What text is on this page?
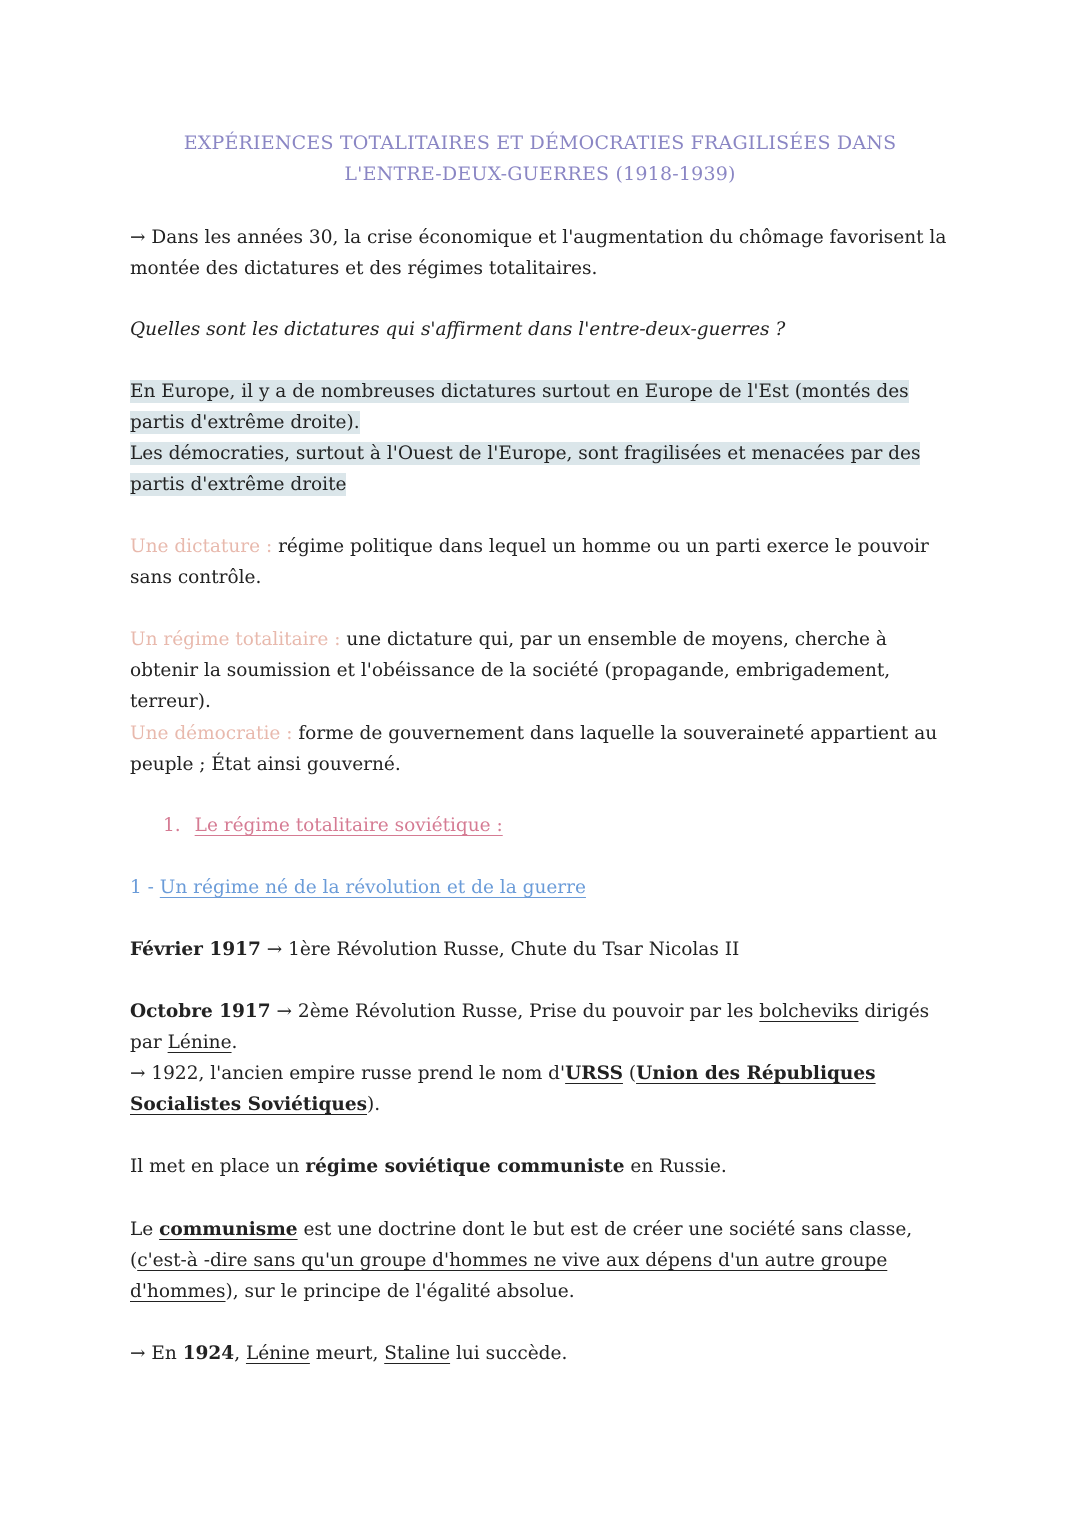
EXPÉRIENCES TOTALITAIRES ET DÉMOCRATIES FRAGILISÉES DANS
L'ENTRE-DEUX-GUERRES (1918-1939)
→ Dans les années 30, la crise économique et l'augmentation du chômage favorisent la montée des dictatures et des régimes totalitaires.
Quelles sont les dictatures qui s'affirment dans l'entre-deux-guerres ?
En Europe, il y a de nombreuses dictatures surtout en Europe de l'Est (montés des partis d'extrême droite).
Les démocraties, surtout à l'Ouest de l'Europe, sont fragilisées et menacées par des partis d'extrême droite
Une dictature : régime politique dans lequel un homme ou un parti exerce le pouvoir sans contrôle.
Un régime totalitaire : une dictature qui, par un ensemble de moyens, cherche à obtenir la soumission et l'obéissance de la société (propagande, embrigadement, terreur).
Une démocratie : forme de gouvernement dans laquelle la souveraineté appartient au peuple ; État ainsi gouverné.
1. Le régime totalitaire soviétique :
1 - Un régime né de la révolution et de la guerre
Février 1917 → 1ère Révolution Russe, Chute du Tsar Nicolas II
Octobre 1917 → 2ème Révolution Russe, Prise du pouvoir par les bolcheviks dirigés par Lénine.
→ 1922, l'ancien empire russe prend le nom d'URSS (Union des Républiques Socialistes Soviétiques).
Il met en place un régime soviétique communiste en Russie.
Le communisme est une doctrine dont le but est de créer une société sans classe, (c'est-à -dire sans qu'un groupe d'hommes ne vive aux dépens d'un autre groupe d'hommes), sur le principe de l'égalité absolue.
→ En 1924, Lénine meurt, Staline lui succède.
